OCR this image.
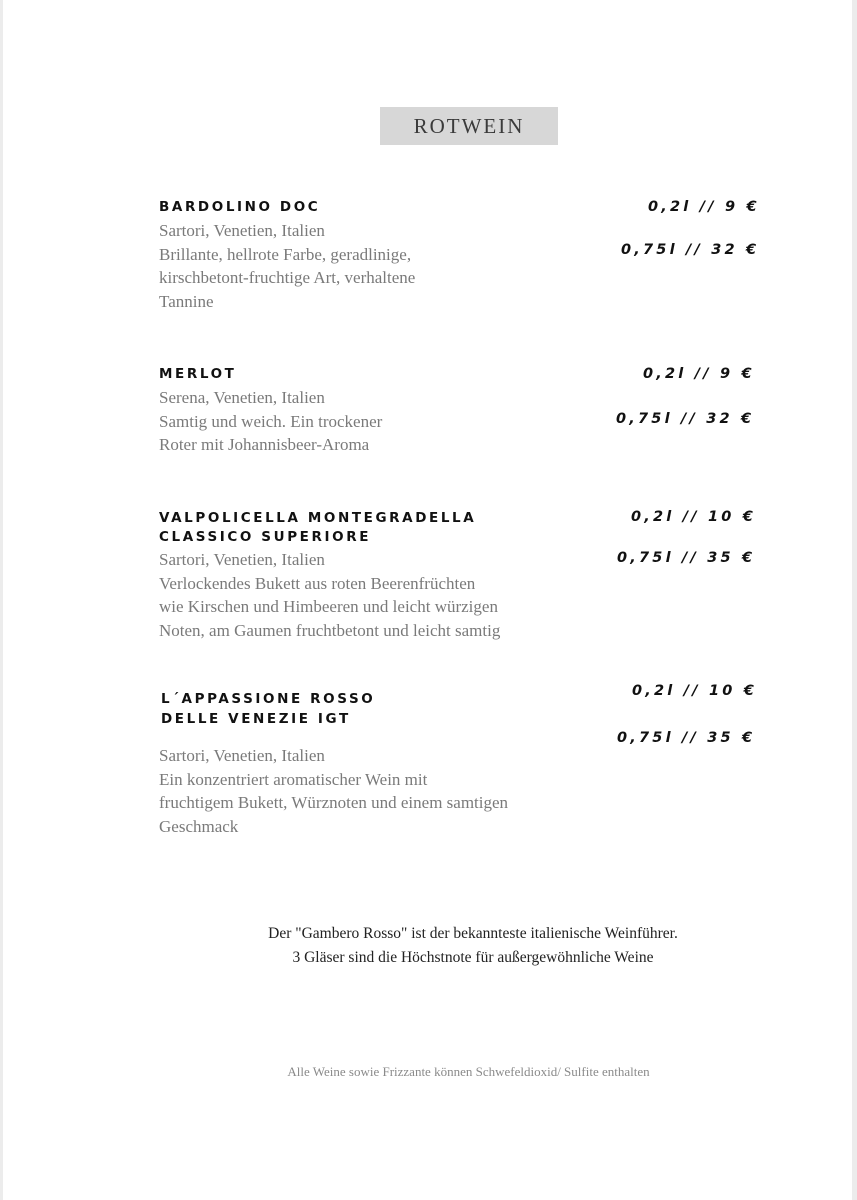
ROTWEIN
BARDOLINO DOC
Sartori, Venetien, Italien
Brillante, hellrote Farbe, geradlinige,
kirschbetont-fruchtige Art, verhaltene
Tannine
0,2l // 9 €
0,75l // 32 €
MERLOT
Serena, Venetien, Italien
Samtig und weich. Ein trockener
Roter mit Johannisbeer-Aroma
0,2l // 9 €
0,75l // 32 €
VALPOLICELLA MONTEGRADELLA
CLASSICO SUPERIORE
Sartori, Venetien, Italien
Verlockendes Bukett aus roten Beerenfrüchten
wie Kirschen und Himbeeren und leicht würzigen
Noten, am Gaumen fruchtbetont und leicht samtig
0,2l // 10 €
0,75l // 35 €
L´APPASSIONE ROSSO
DELLE VENEZIE IGT
Sartori, Venetien, Italien
Ein konzentriert aromatischer Wein mit
fruchtigem Bukett, Würznoten und einem samtigen
Geschmack
0,2l // 10 €
0,75l // 35 €
Der "Gambero Rosso" ist der bekannteste italienische Weinführer.
3 Gläser sind die Höchstnote für außergewöhnliche Weine
Alle Weine sowie Frizzante können Schwefeldioxid/ Sulfite enthalten
